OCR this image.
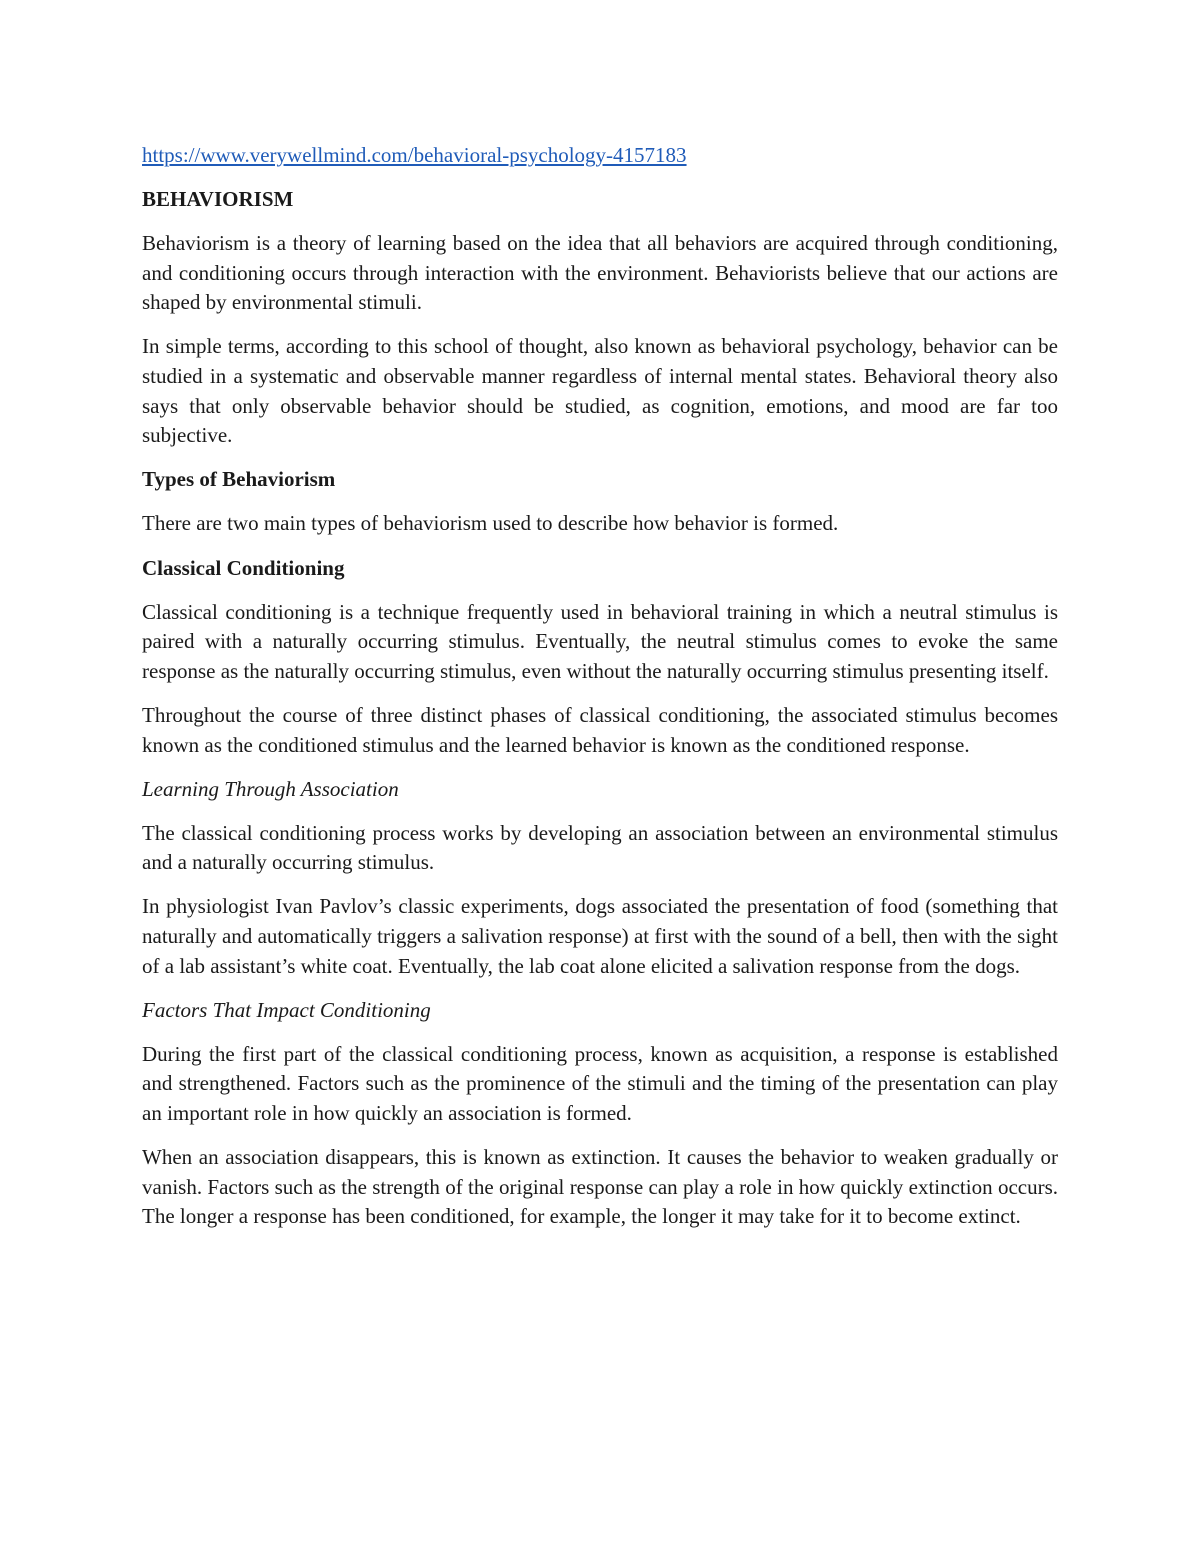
https://www.verywellmind.com/behavioral-psychology-4157183

BEHAVIORISM

Behaviorism is a theory of learning based on the idea that all behaviors are acquired through conditioning, and conditioning occurs through interaction with the environment. Behaviorists believe that our actions are shaped by environmental stimuli.

In simple terms, according to this school of thought, also known as behavioral psychology, behavior can be studied in a systematic and observable manner regardless of internal mental states. Behavioral theory also says that only observable behavior should be studied, as cognition, emotions, and mood are far too subjective.

Types of Behaviorism

There are two main types of behaviorism used to describe how behavior is formed.

Classical Conditioning

Classical conditioning is a technique frequently used in behavioral training in which a neutral stimulus is paired with a naturally occurring stimulus. Eventually, the neutral stimulus comes to evoke the same response as the naturally occurring stimulus, even without the naturally occurring stimulus presenting itself.

Throughout the course of three distinct phases of classical conditioning, the associated stimulus becomes known as the conditioned stimulus and the learned behavior is known as the conditioned response.

Learning Through Association

The classical conditioning process works by developing an association between an environmental stimulus and a naturally occurring stimulus.

In physiologist Ivan Pavlov’s classic experiments, dogs associated the presentation of food (something that naturally and automatically triggers a salivation response) at first with the sound of a bell, then with the sight of a lab assistant’s white coat. Eventually, the lab coat alone elicited a salivation response from the dogs.

Factors That Impact Conditioning

During the first part of the classical conditioning process, known as acquisition, a response is established and strengthened. Factors such as the prominence of the stimuli and the timing of the presentation can play an important role in how quickly an association is formed.

When an association disappears, this is known as extinction. It causes the behavior to weaken gradually or vanish. Factors such as the strength of the original response can play a role in how quickly extinction occurs. The longer a response has been conditioned, for example, the longer it may take for it to become extinct.
